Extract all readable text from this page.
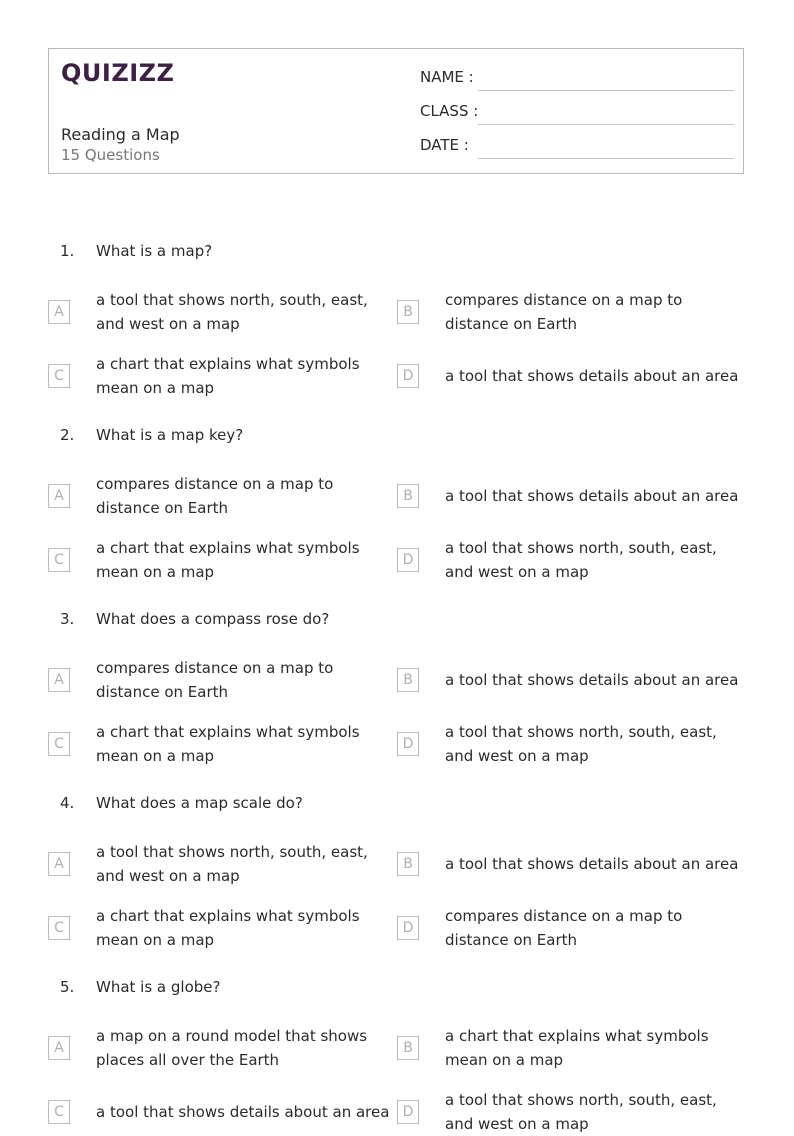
QUIZIZZ
Reading a Map
15 Questions
NAME :
CLASS :
DATE :
1. What is a map?
A
a tool that shows north, south, east, and west on a map
B
compares distance on a map to distance on Earth
C
a chart that explains what symbols mean on a map
D	a tool that shows details about an area
2. What is a map key?
A
compares distance on a map to distance on Earth
B	a tool that shows details about an area
C
a chart that explains what symbols mean on a map
D
a tool that shows north, south, east, and west on a map
3. What does a compass rose do?
A
compares distance on a map to distance on Earth
B	a tool that shows details about an area
C
a chart that explains what symbols mean on a map
D
a tool that shows north, south, east, and west on a map
4. What does a map scale do?
A
a tool that shows north, south, east, and west on a map
B	a tool that shows details about an area
C
a chart that explains what symbols mean on a map
D
compares distance on a map to distance on Earth
5. What is a globe?
A
a map on a round model that shows places all over the Earth
B
a chart that explains what symbols mean on a map
C	a tool that shows details about an area D
a tool that shows north, south, east, and west on a map
